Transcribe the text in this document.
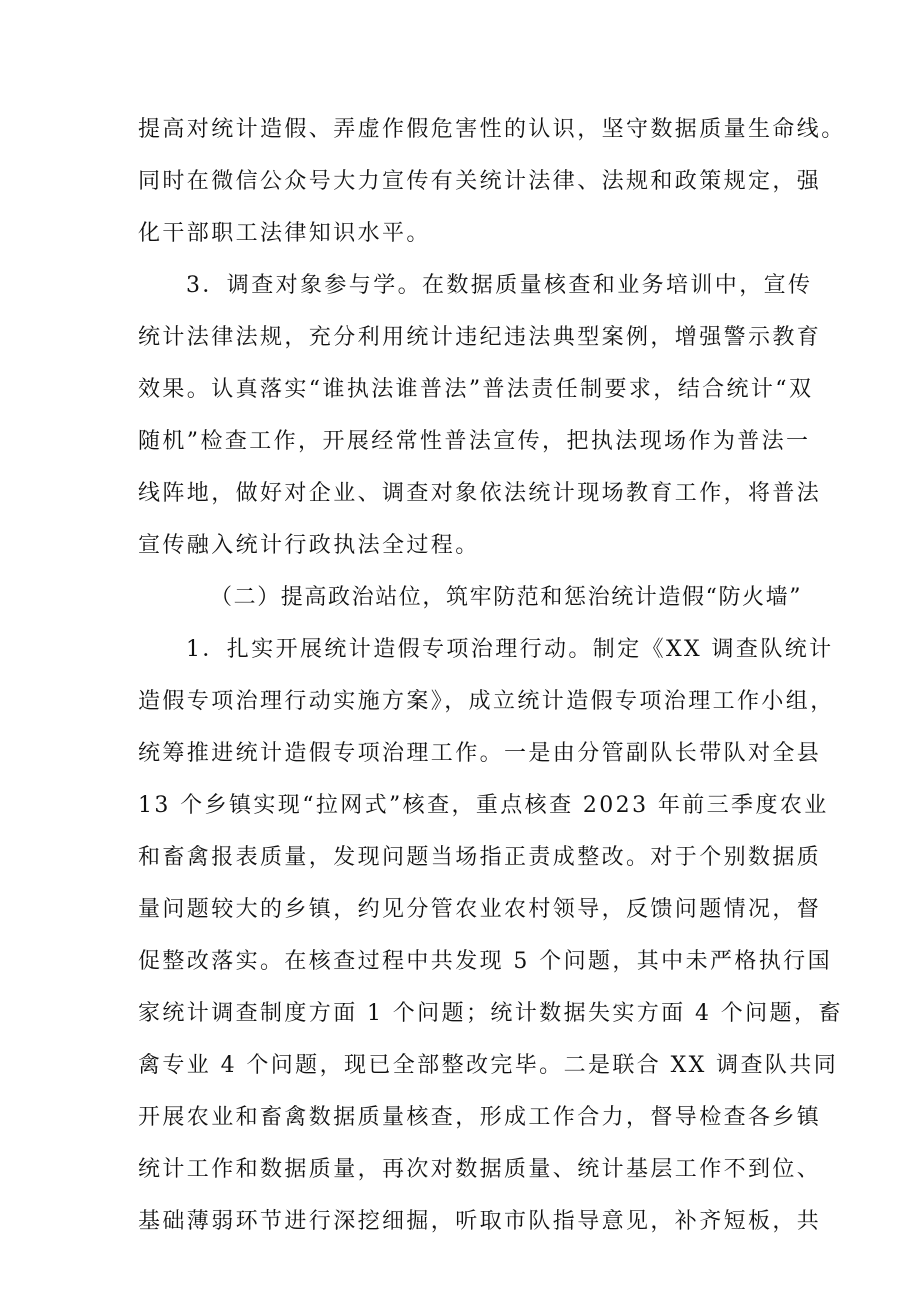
提高对统计造假、弄虚作假危害性的认识，坚守数据质量生命线。

同时在微信公众号大力宣传有关统计法律、法规和政策规定，强

化干部职工法律知识水平。

3．调查对象参与学。在数据质量核查和业务培训中，宣传

统计法律法规，充分利用统计违纪违法典型案例，增强警示教育

效果。认真落实“谁执法谁普法”普法责任制要求，结合统计“双

随机”检查工作，开展经常性普法宣传，把执法现场作为普法一

线阵地，做好对企业、调查对象依法统计现场教育工作，将普法

宣传融入统计行政执法全过程。

（二）提高政治站位，筑牢防范和惩治统计造假“防火墙”

1．扎实开展统计造假专项治理行动。制定《XX 调查队统计

造假专项治理行动实施方案》，成立统计造假专项治理工作小组，

统筹推进统计造假专项治理工作。一是由分管副队长带队对全县

13 个乡镇实现“拉网式”核查，重点核查 2023 年前三季度农业

和畜禽报表质量，发现问题当场指正责成整改。对于个别数据质

量问题较大的乡镇，约见分管农业农村领导，反馈问题情况，督

促整改落实。在核查过程中共发现 5 个问题，其中未严格执行国

家统计调查制度方面 1 个问题；统计数据失实方面 4 个问题，畜

禽专业 4 个问题，现已全部整改完毕。二是联合 XX 调查队共同

开展农业和畜禽数据质量核查，形成工作合力，督导检查各乡镇

统计工作和数据质量，再次对数据质量、统计基层工作不到位、

基础薄弱环节进行深挖细掘，听取市队指导意见，补齐短板，共
